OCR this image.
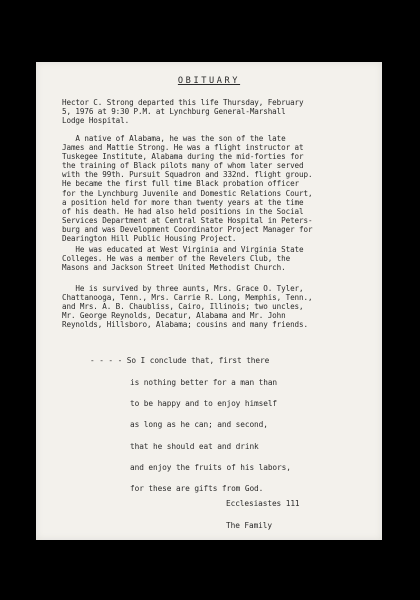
OBITUARY
Hector C. Strong departed this life Thursday, February
5, 1976 at 9:30 P.M. at Lynchburg General-Marshall
Lodge Hospital.
A native of Alabama, he was the son of the late
James and Mattie Strong. He was a flight instructor at
Tuskegee Institute, Alabama during the mid-forties for
the training of Black pilots many of whom later served
with the 99th. Pursuit Squadron and 332nd. flight group.
He became the first full time Black probation officer
for the Lynchburg Juvenile and Domestic Relations Court,
a position held for more than twenty years at the time
of his death. He had also held positions in the Social
Services Department at Central State Hospital in Peters-
burg and was Development Coordinator Project Manager for
Dearington Hill Public Housing Project.
He was educated at West Virginia and Virginia State
Colleges. He was a member of the Revelers Club, the
Masons and Jackson Street United Methodist Church.
He is survived by three aunts, Mrs. Grace O. Tyler,
Chattanooga, Tenn., Mrs. Carrie R. Long, Memphis, Tenn.,
and Mrs. A. B. Chaubliss, Cairo, Illinois; two uncles,
Mr. George Reynolds, Decatur, Alabama and Mr. John
Reynolds, Hillsboro, Alabama; cousins and many friends.
- - - - So I conclude that, first there
is nothing better for a man than
to be happy and to enjoy himself
as long as he can; and second,
that he should eat and drink
and enjoy the fruits of his labors,
for these are gifts from God.
Ecclesiastes 111
The Family
